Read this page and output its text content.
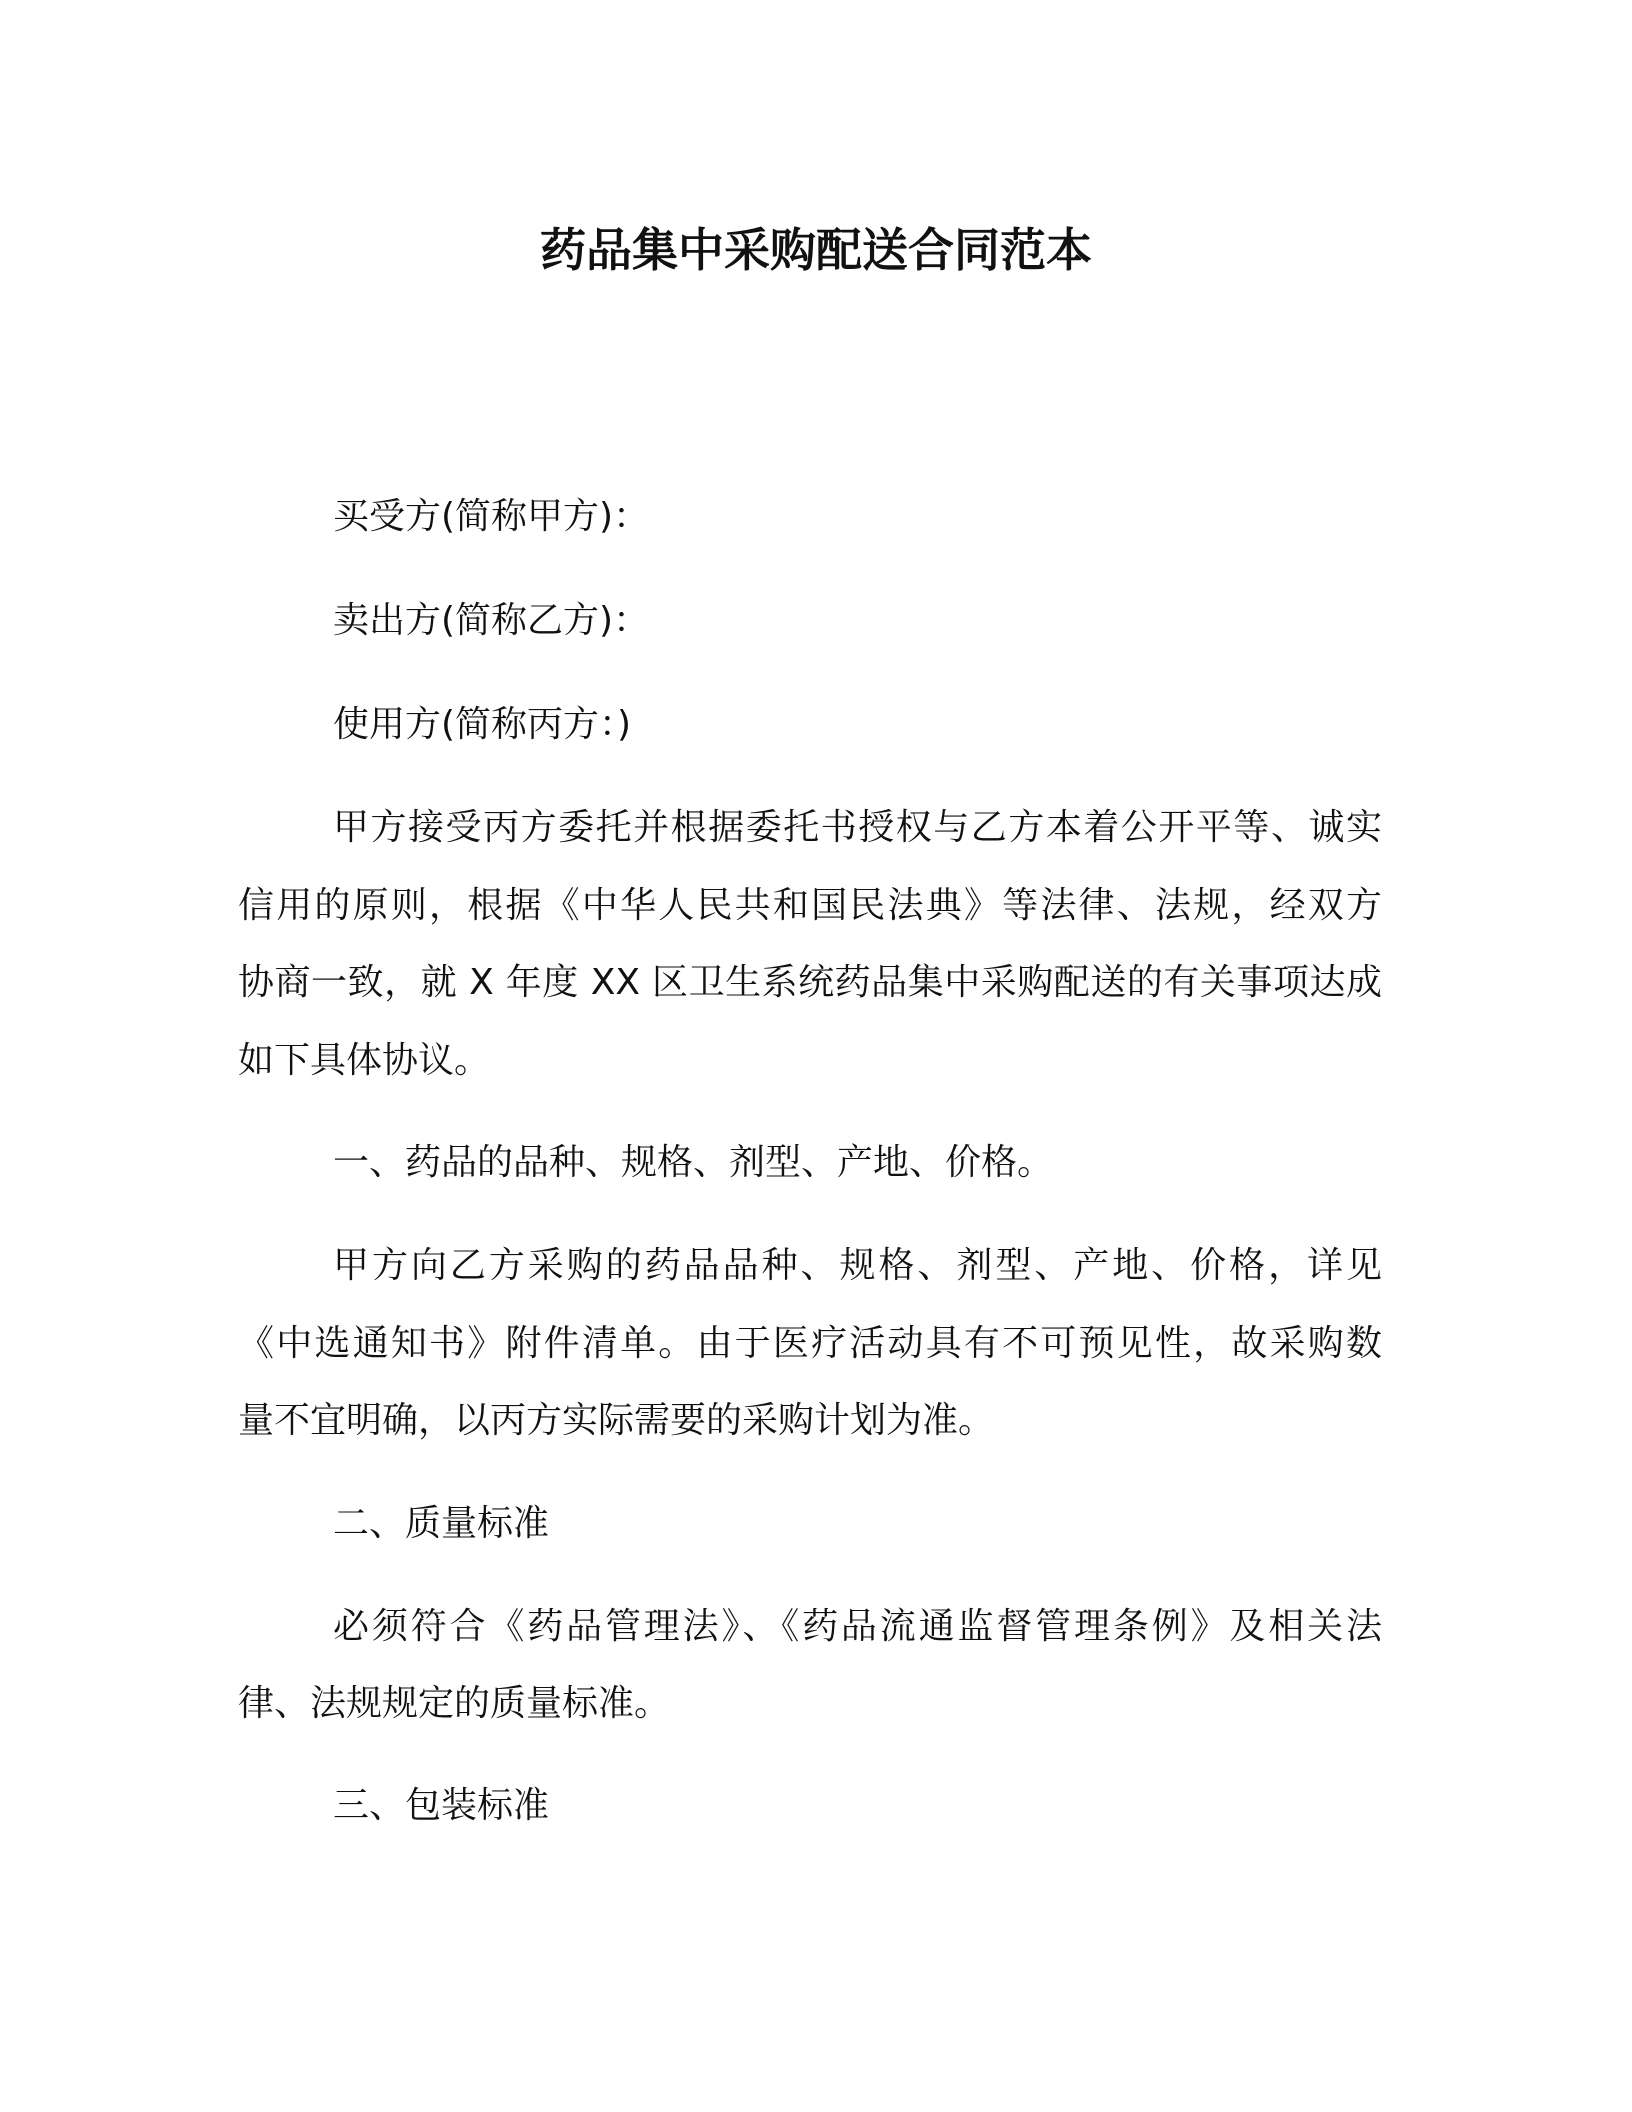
药品集中采购配送合同范本

买受方(简称甲方)：

卖出方(简称乙方)：

使用方(简称丙方：)

甲方接受丙方委托并根据委托书授权与乙方本着公开平等、诚实

信用的原则，根据《中华人民共和国民法典》等法律、法规，经双方

协商一致，就 X 年度 XX 区卫生系统药品集中采购配送的有关事项达成

如下具体协议。

一、药品的品种、规格、剂型、产地、价格。

甲方向乙方采购的药品品种、规格、剂型、产地、价格，详见

《中选通知书》附件清单。由于医疗活动具有不可预见性，故采购数

量不宜明确，以丙方实际需要的采购计划为准。

二、质量标准

必须符合《药品管理法》、《药品流通监督管理条例》及相关法

律、法规规定的质量标准。

三、包装标准
